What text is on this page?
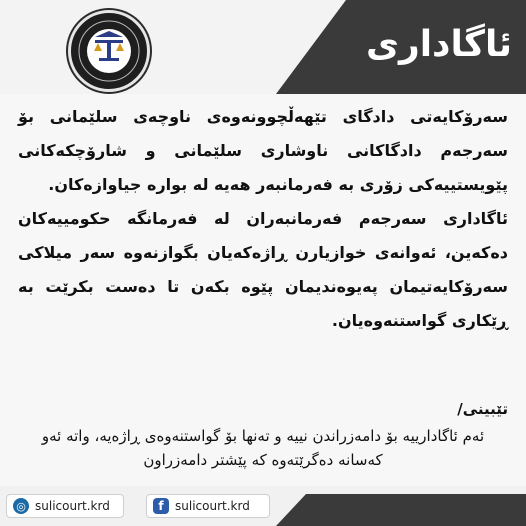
ئاگاداری

سەرۆکایەتی دادگای تێهەڵچوونەوەی ناوچەی سلێمانی بۆ سەرجەم دادگاکانی ناوشاری سلێمانی و شارۆچکەکانی پێویستییەکی زۆری بە فەرمانبەر هەیە لە بوارە جیاوازەکان.

ئاگاداری سەرجەم فەرمانبەران لە فەرمانگە حکومییەکان دەکەین، ئەوانەی خوازیارن ڕاژەکەیان بگوازنەوە سەر میلاکی سەرۆکایەتیمان پەیوەندیمان پێوە بکەن تا دەست بکرێت بە ڕێکاری گواستنەوەیان.

تێبینی/
ئەم ئاگادارییە بۆ دامەزراندن نییە و تەنها بۆ گواستنەوەی ڕاژەیە، واتە ئەو کەسانە دەگرێتەوە کە پێشتر دامەزراون
◎ sulicourt.krd	f sulicourt.krd
